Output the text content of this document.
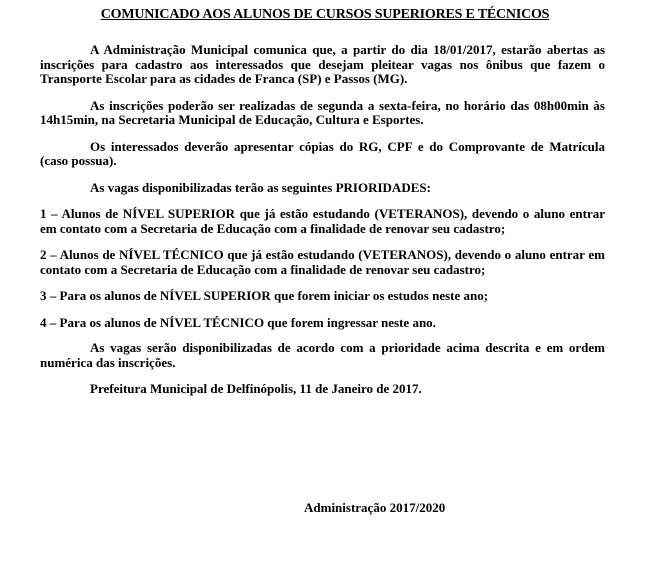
COMUNICADO AOS ALUNOS DE CURSOS SUPERIORES E TÉCNICOS

A Administração Municipal comunica que, a partir do dia 18/01/2017, estarão abertas as inscrições para cadastro aos interessados que desejam pleitear vagas nos ônibus que fazem o Transporte Escolar para as cidades de Franca (SP) e Passos (MG).

As inscrições poderão ser realizadas de segunda a sexta-feira, no horário das 08h00min às 14h15min, na Secretaria Municipal de Educação, Cultura e Esportes.

Os interessados deverão apresentar cópias do RG, CPF e do Comprovante de Matrícula (caso possua).

As vagas disponibilizadas terão as seguintes PRIORIDADES:

1 – Alunos de NÍVEL SUPERIOR que já estão estudando (VETERANOS), devendo o aluno entrar em contato com a Secretaria de Educação com a finalidade de renovar seu cadastro;

2 – Alunos de NÍVEL TÉCNICO que já estão estudando (VETERANOS), devendo o aluno entrar em contato com a Secretaria de Educação com a finalidade de renovar seu cadastro;

3 – Para os alunos de NÍVEL SUPERIOR que forem iniciar os estudos neste ano;

4 – Para os alunos de NÍVEL TÉCNICO que forem ingressar neste ano.

As vagas serão disponibilizadas de acordo com a prioridade acima descrita e em ordem numérica das inscrições.

Prefeitura Municipal de Delfinópolis, 11 de Janeiro de 2017.

Administração 2017/2020
